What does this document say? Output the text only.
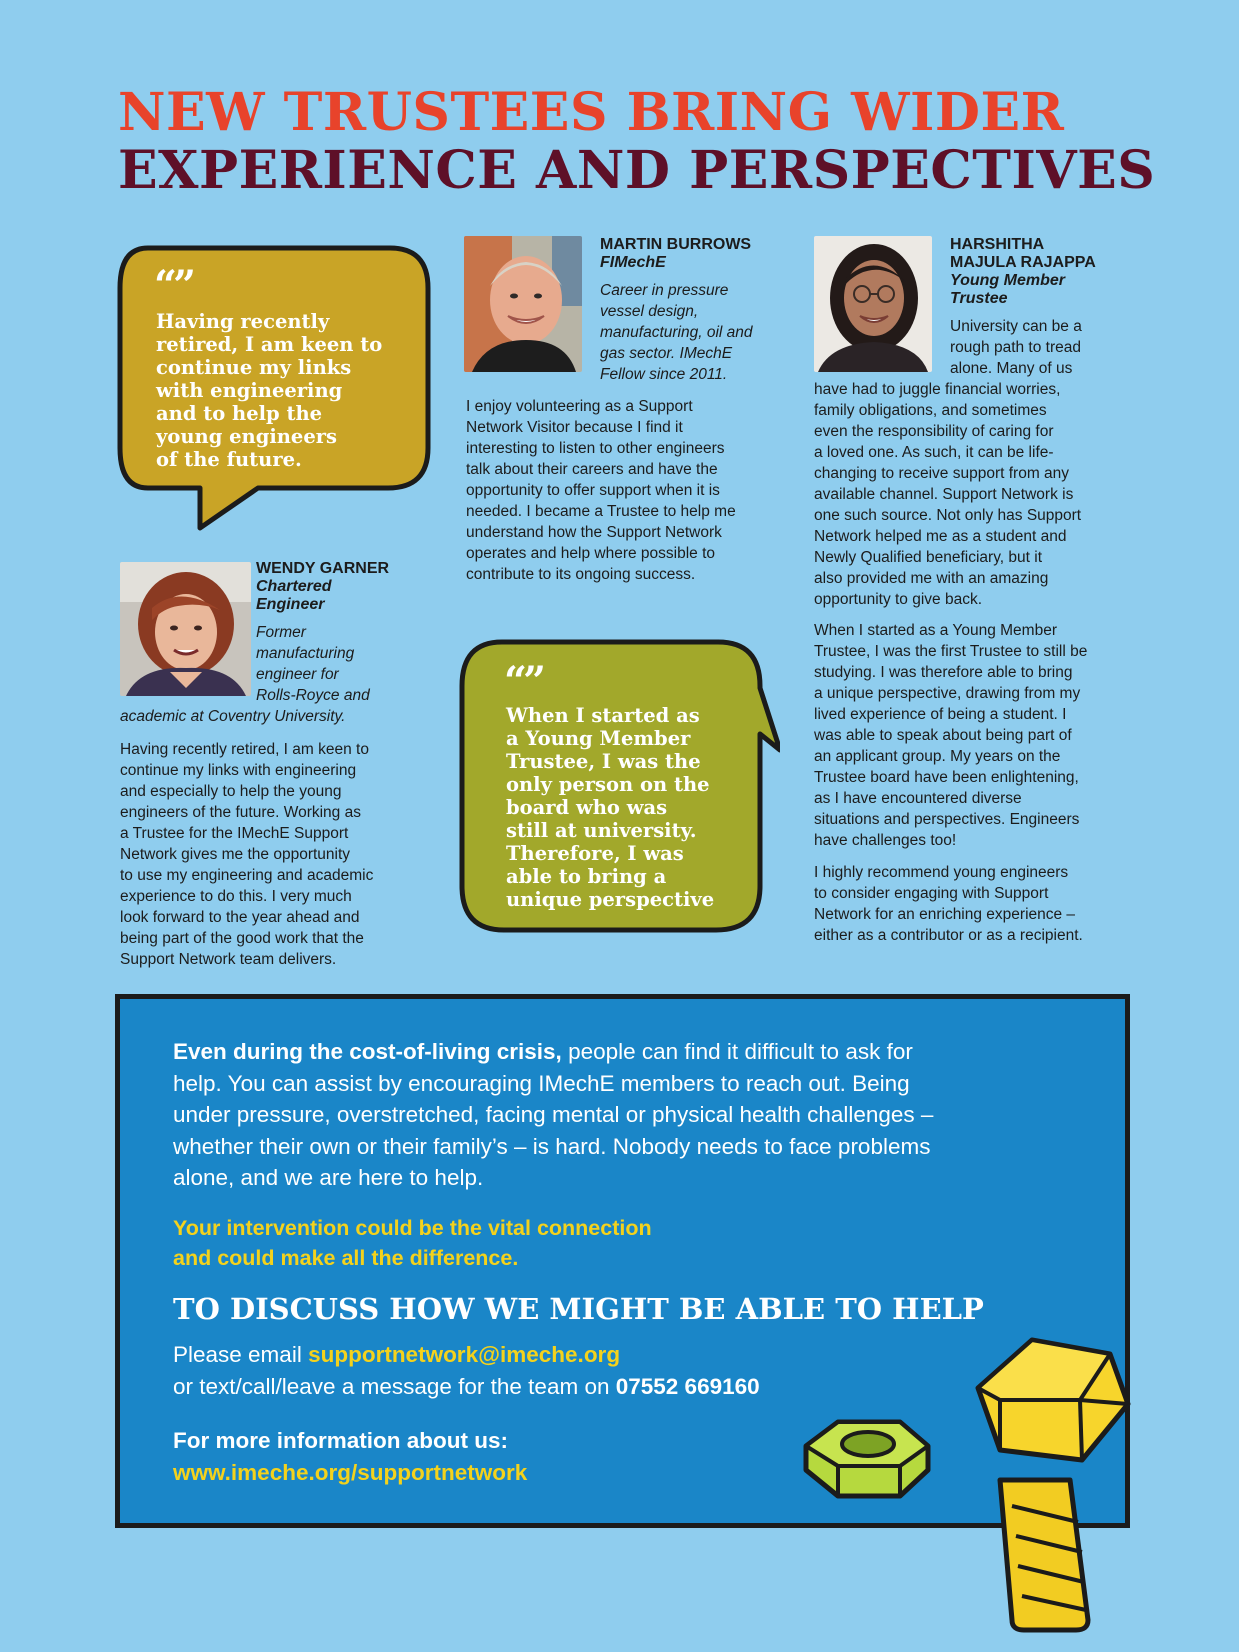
NEW TRUSTEES BRING WIDER
EXPERIENCE AND PERSPECTIVES
“”
Having recently
retired, I am keen to
continue my links
with engineering
and to help the
young engineers
of the future.
WENDY GARNER
Chartered
Engineer
Former
manufacturing
engineer for
Rolls-Royce and
academic at Coventry University.
Having recently retired, I am keen to
continue my links with engineering
and especially to help the young
engineers of the future. Working as
a Trustee for the IMechE Support
Network gives me the opportunity
to use my engineering and academic
experience to do this. I very much
look forward to the year ahead and
being part of the good work that the
Support Network team delivers.
MARTIN BURROWS
FIMechE
Career in pressure
vessel design,
manufacturing, oil and
gas sector. IMechE
Fellow since 2011.
I enjoy volunteering as a Support
Network Visitor because I find it
interesting to listen to other engineers
talk about their careers and have the
opportunity to offer support when it is
needed. I became a Trustee to help me
understand how the Support Network
operates and help where possible to
contribute to its ongoing success.
“”
When I started as
a Young Member
Trustee, I was the
only person on the
board who was
still at university.
Therefore, I was
able to bring a
unique perspective
HARSHITHA
MAJULA RAJAPPA
Young Member
Trustee
University can be a
rough path to tread
alone. Many of us
have had to juggle financial worries,
family obligations, and sometimes
even the responsibility of caring for
a loved one. As such, it can be life-
changing to receive support from any
available channel. Support Network is
one such source. Not only has Support
Network helped me as a student and
Newly Qualified beneficiary, but it
also provided me with an amazing
opportunity to give back.
When I started as a Young Member
Trustee, I was the first Trustee to still be
studying. I was therefore able to bring
a unique perspective, drawing from my
lived experience of being a student. I
was able to speak about being part of
an applicant group. My years on the
Trustee board have been enlightening,
as I have encountered diverse
situations and perspectives. Engineers
have challenges too!
I highly recommend young engineers
to consider engaging with Support
Network for an enriching experience –
either as a contributor or as a recipient.
Even during the cost-of-living crisis, people can find it difficult to ask for
help. You can assist by encouraging IMechE members to reach out. Being
under pressure, overstretched, facing mental or physical health challenges –
whether their own or their family’s – is hard. Nobody needs to face problems
alone, and we are here to help.
Your intervention could be the vital connection
and could make all the difference.
TO DISCUSS HOW WE MIGHT BE ABLE TO HELP
Please email supportnetwork@imeche.org
or text/call/leave a message for the team on 07552 669160
For more information about us:
www.imeche.org/supportnetwork
